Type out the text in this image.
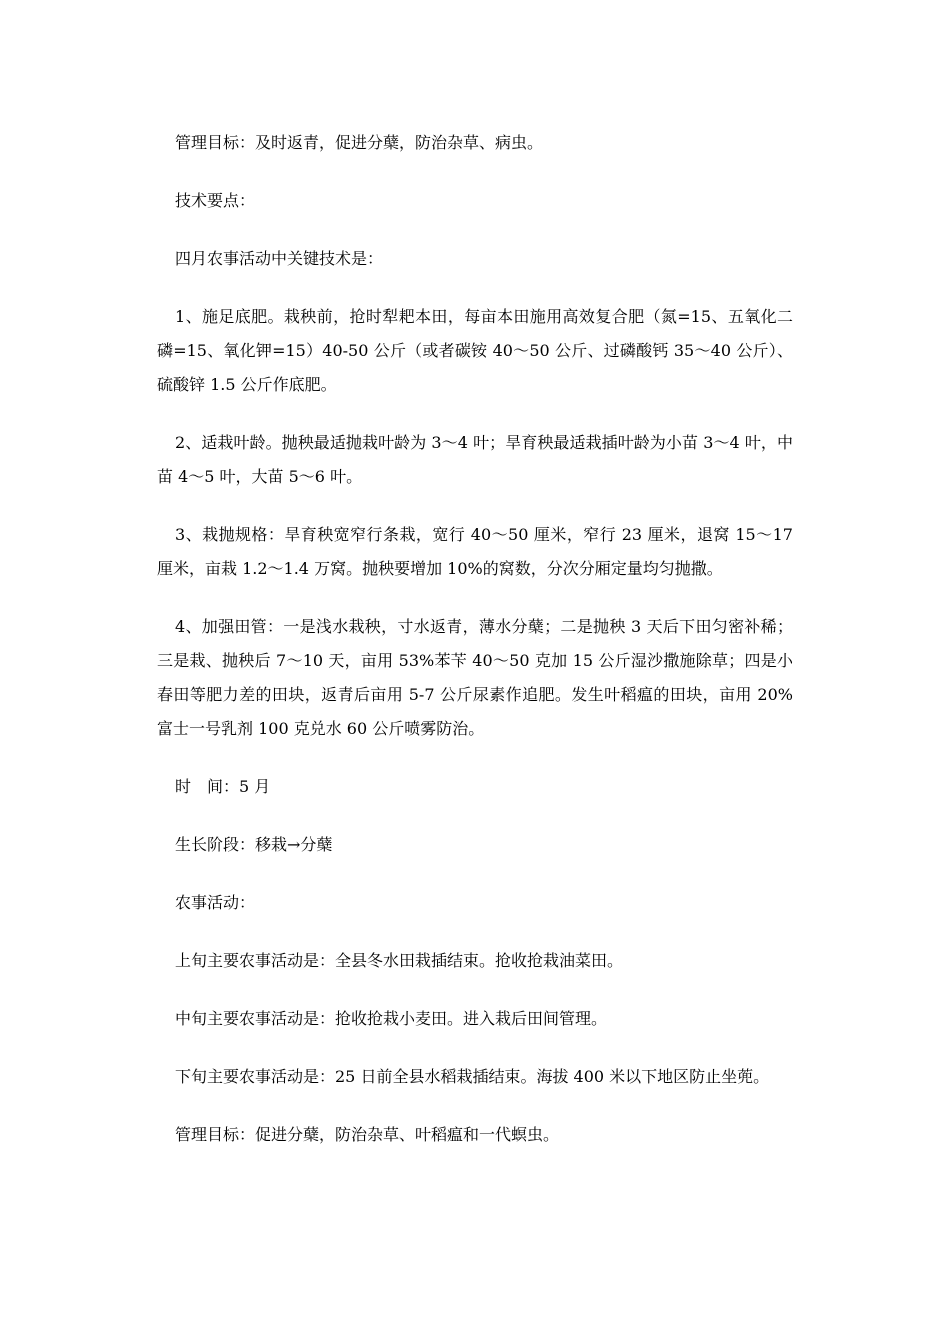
管理目标：及时返青，促进分蘖，防治杂草、病虫。

技术要点：

四月农事活动中关键技术是：

1、施足底肥。栽秧前，抢时犁耙本田，每亩本田施用高效复合肥（氮=15、五氧化二磷=15、氧化钾=15）40-50 公斤（或者碳铵 40～50 公斤、过磷酸钙 35～40 公斤）、硫酸锌 1.5 公斤作底肥。

2、适栽叶龄。抛秧最适抛栽叶龄为 3～4 叶；旱育秧最适栽插叶龄为小苗 3～4 叶，中苗 4～5 叶，大苗 5～6 叶。

3、栽抛规格：旱育秧宽窄行条栽，宽行 40～50 厘米，窄行 23 厘米，退窝 15～17 厘米，亩栽 1.2～1.4 万窝。抛秧要增加 10%的窝数，分次分厢定量均匀抛撒。

4、加强田管：一是浅水栽秧，寸水返青，薄水分蘖；二是抛秧 3 天后下田匀密补稀；三是栽、抛秧后 7～10 天，亩用 53%苯苄 40～50 克加 15 公斤湿沙撒施除草；四是小春田等肥力差的田块，返青后亩用 5-7 公斤尿素作追肥。发生叶稻瘟的田块，亩用 20%富士一号乳剂 100 克兑水 60 公斤喷雾防治。

时　间：5 月

生长阶段：移栽→分蘖

农事活动：

上旬主要农事活动是：全县冬水田栽插结束。抢收抢栽油菜田。

中旬主要农事活动是：抢收抢栽小麦田。进入栽后田间管理。

下旬主要农事活动是：25 日前全县水稻栽插结束。海拔 400 米以下地区防止坐蔸。

管理目标：促进分蘖，防治杂草、叶稻瘟和一代螟虫。
